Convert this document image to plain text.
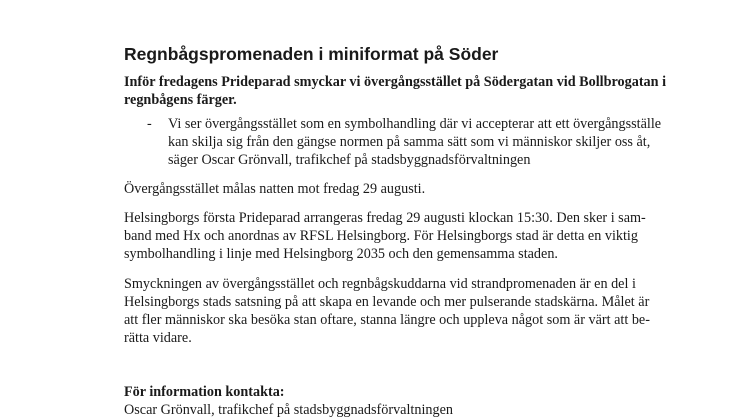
Regnbågspromenaden i miniformat på Söder

Inför fredagens Prideparad smyckar vi övergångsstället på Södergatan vid Bollbrogatan i
regnbågens färger.

- Vi ser övergångsstället som en symbolhandling där vi accepterar att ett övergångsställe
kan skilja sig från den gängse normen på samma sätt som vi människor skiljer oss åt,
säger Oscar Grönvall, trafikchef på stadsbyggnadsförvaltningen

Övergångsstället målas natten mot fredag 29 augusti.

Helsingborgs första Prideparad arrangeras fredag 29 augusti klockan 15:30. Den sker i sam-
band med Hx och anordnas av RFSL Helsingborg. För Helsingborgs stad är detta en viktig
symbolhandling i linje med Helsingborg 2035 och den gemensamma staden.

Smyckningen av övergångsstället och regnbågskuddarna vid strandpromenaden är en del i
Helsingborgs stads satsning på att skapa en levande och mer pulserande stadskärna. Målet är
att fler människor ska besöka stan oftare, stanna längre och uppleva något som är värt att be-
rätta vidare.

För information kontakta:

Oscar Grönvall, trafikchef på stadsbyggnadsförvaltningen
